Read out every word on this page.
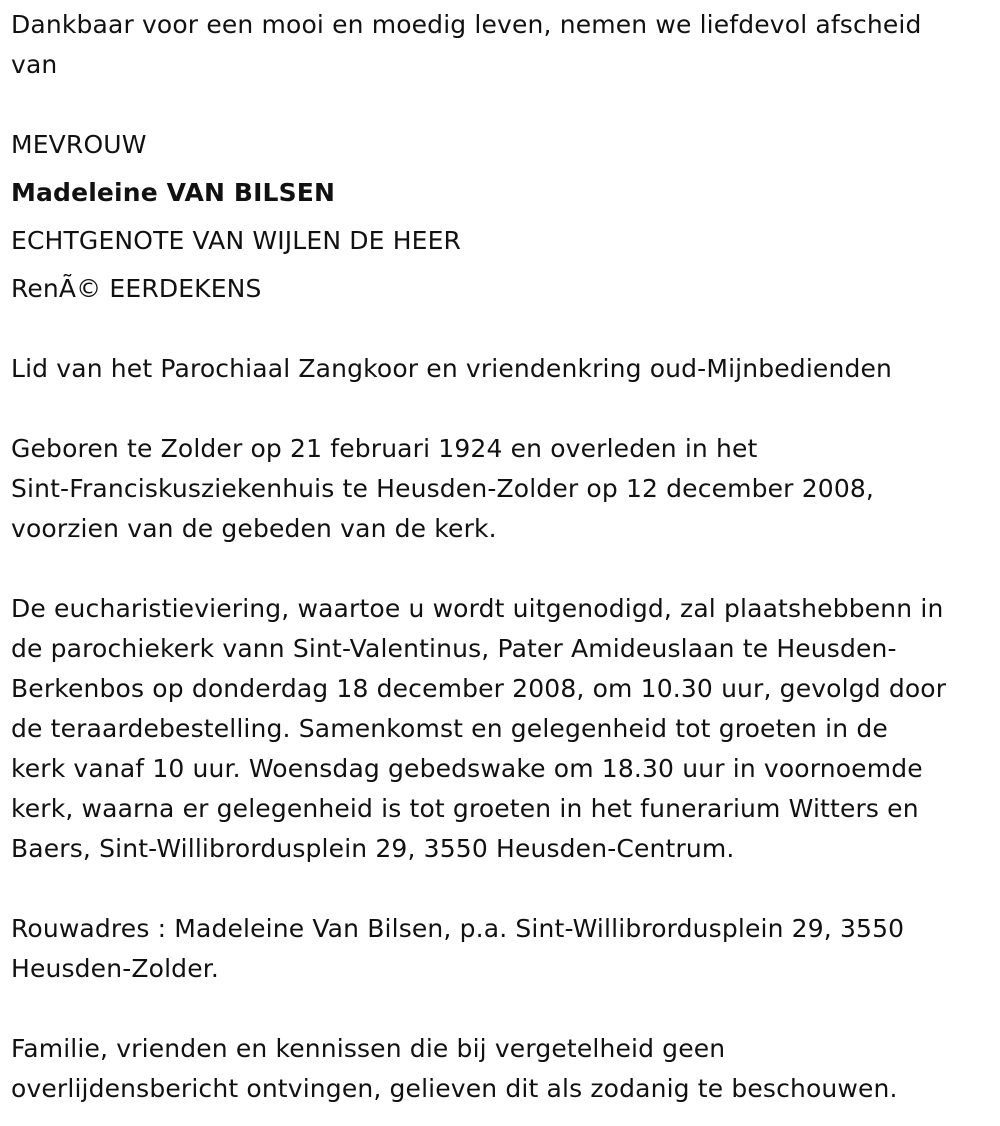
Dankbaar voor een mooi en moedig leven, nemen we liefdevol afscheid
van
MEVROUW
Madeleine VAN BILSEN
ECHTGENOTE VAN WIJLEN DE HEER
RenÃ© EERDEKENS
Lid van het Parochiaal Zangkoor en vriendenkring oud-Mijnbedienden
Geboren te Zolder op 21 februari 1924 en overleden in het
Sint-Franciskusziekenhuis te Heusden-Zolder op 12 december 2008,
voorzien van de gebeden van de kerk.
De eucharistieviering, waartoe u wordt uitgenodigd, zal plaatshebbenn in
de parochiekerk vann Sint-Valentinus, Pater Amideuslaan te Heusden-
Berkenbos op donderdag 18 december 2008, om 10.30 uur, gevolgd door
de teraardebestelling. Samenkomst en gelegenheid tot groeten in de
kerk vanaf 10 uur. Woensdag gebedswake om 18.30 uur in voornoemde
kerk, waarna er gelegenheid is tot groeten in het funerarium Witters en
Baers, Sint-Willibrordusplein 29, 3550 Heusden-Centrum.
Rouwadres : Madeleine Van Bilsen, p.a. Sint-Willibrordusplein 29, 3550
Heusden-Zolder.
Familie, vrienden en kennissen die bij vergetelheid geen
overlijdensbericht ontvingen, gelieven dit als zodanig te beschouwen.
